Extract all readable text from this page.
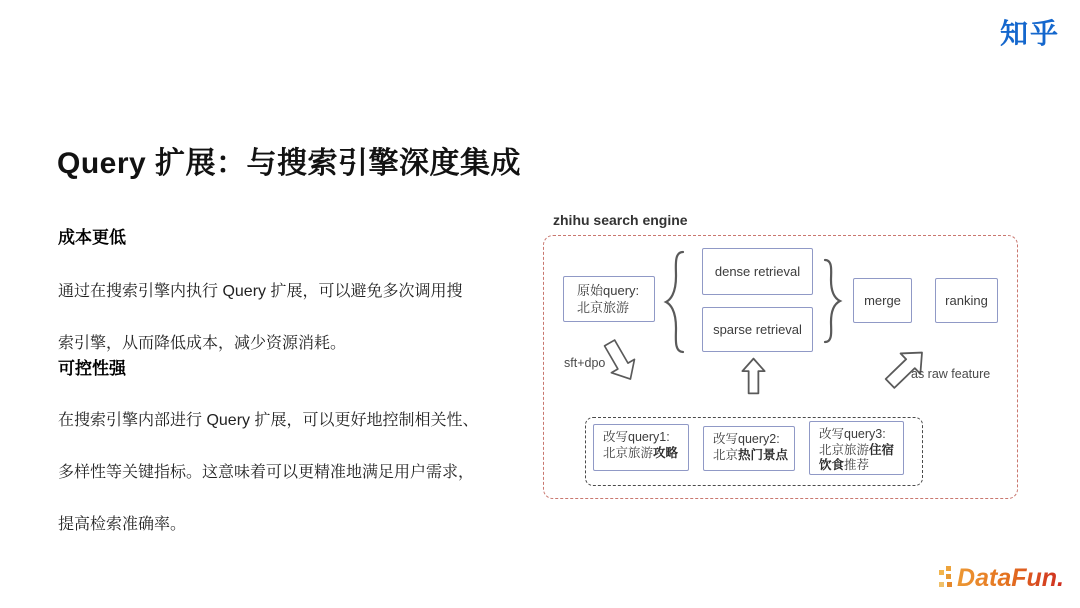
知乎
Query 扩展：与搜索引擎深度集成
成本更低
通过在搜索引擎内执行 Query 扩展，可以避免多次调用搜
索引擎，从而降低成本，减少资源消耗。
可控性强
在搜索引擎内部进行 Query 扩展，可以更好地控制相关性、
多样性等关键指标。这意味着可以更精准地满足用户需求，
提高检索准确率。
zhihu search engine
原始query:
北京旅游
dense retrieval
sparse retrieval
merge	ranking
sft+dpo
as raw feature
改写query1:
北京旅游攻略
改写query2:
北京热门景点
改写query3:
北京旅游住宿饮食推荐
DataFun.
